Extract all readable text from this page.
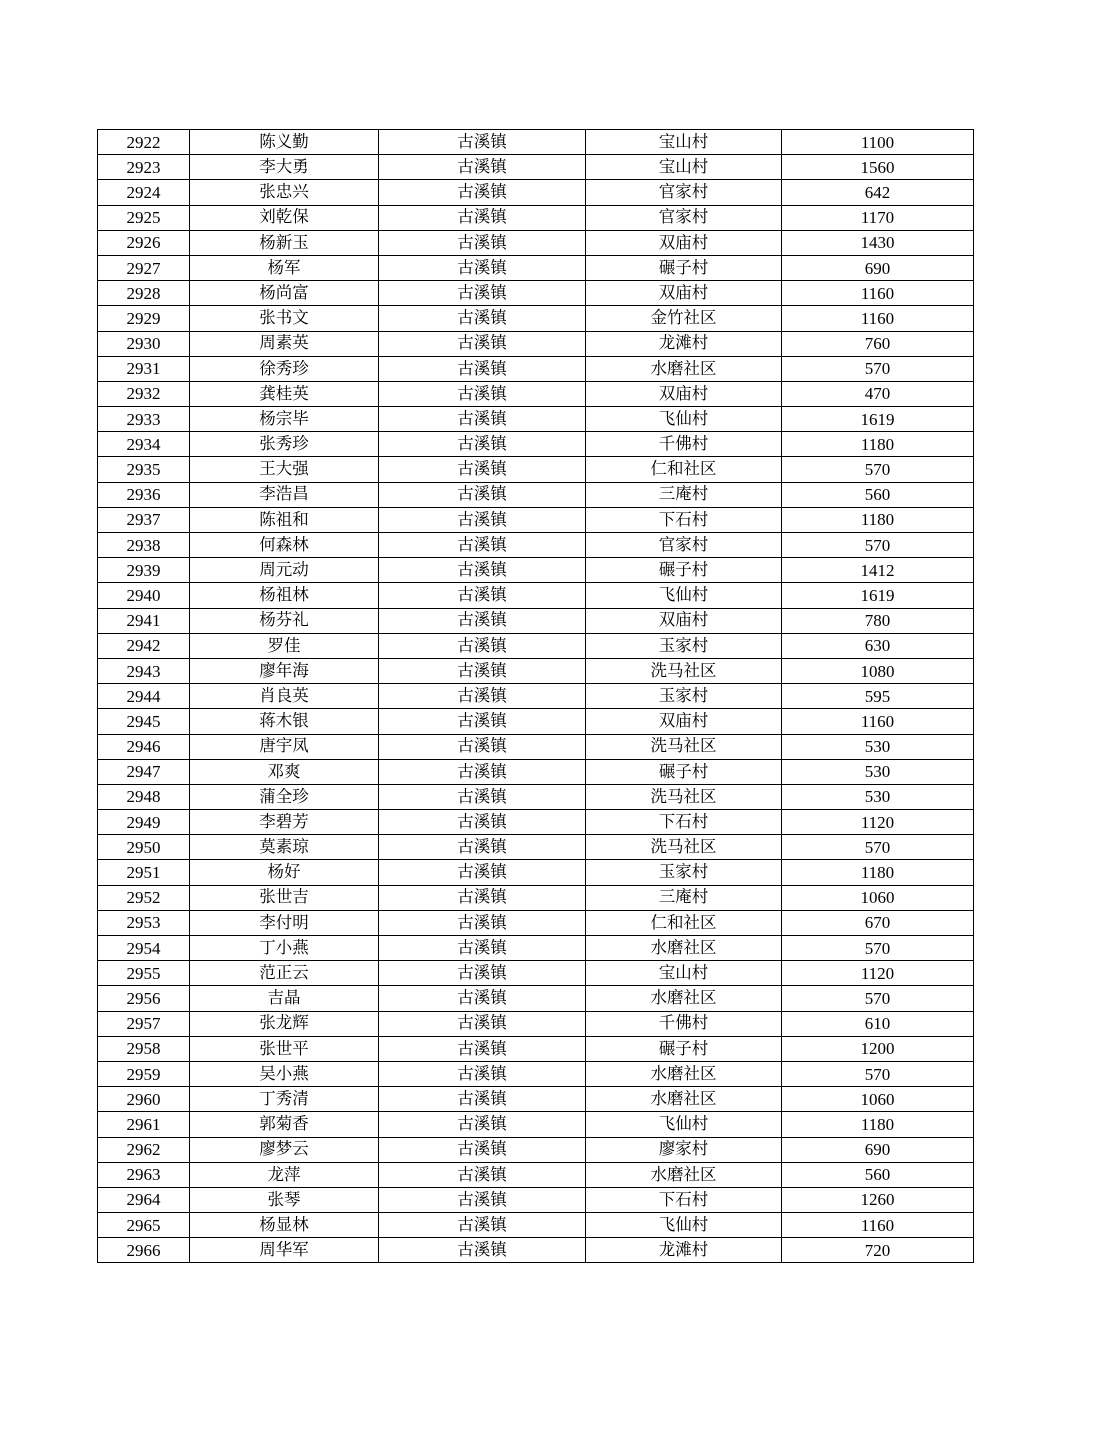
2922	陈义勤	古溪镇	宝山村	1100
2923	李大勇	古溪镇	宝山村	1560
2924	张忠兴	古溪镇	官家村	642
2925	刘乾保	古溪镇	官家村	1170
2926	杨新玉	古溪镇	双庙村	1430
2927	杨军	古溪镇	碾子村	690
2928	杨尚富	古溪镇	双庙村	1160
2929	张书文	古溪镇	金竹社区	1160
2930	周素英	古溪镇	龙滩村	760
2931	徐秀珍	古溪镇	水磨社区	570
2932	龚桂英	古溪镇	双庙村	470
2933	杨宗毕	古溪镇	飞仙村	1619
2934	张秀珍	古溪镇	千佛村	1180
2935	王大强	古溪镇	仁和社区	570
2936	李浩昌	古溪镇	三庵村	560
2937	陈祖和	古溪镇	下石村	1180
2938	何森林	古溪镇	官家村	570
2939	周元动	古溪镇	碾子村	1412
2940	杨祖林	古溪镇	飞仙村	1619
2941	杨芬礼	古溪镇	双庙村	780
2942	罗佳	古溪镇	玉家村	630
2943	廖年海	古溪镇	洗马社区	1080
2944	肖良英	古溪镇	玉家村	595
2945	蒋木银	古溪镇	双庙村	1160
2946	唐宇凤	古溪镇	洗马社区	530
2947	邓爽	古溪镇	碾子村	530
2948	蒲全珍	古溪镇	洗马社区	530
2949	李碧芳	古溪镇	下石村	1120
2950	莫素琼	古溪镇	洗马社区	570
2951	杨好	古溪镇	玉家村	1180
2952	张世吉	古溪镇	三庵村	1060
2953	李付明	古溪镇	仁和社区	670
2954	丁小燕	古溪镇	水磨社区	570
2955	范正云	古溪镇	宝山村	1120
2956	吉晶	古溪镇	水磨社区	570
2957	张龙辉	古溪镇	千佛村	610
2958	张世平	古溪镇	碾子村	1200
2959	吴小燕	古溪镇	水磨社区	570
2960	丁秀清	古溪镇	水磨社区	1060
2961	郭菊香	古溪镇	飞仙村	1180
2962	廖梦云	古溪镇	廖家村	690
2963	龙萍	古溪镇	水磨社区	560
2964	张琴	古溪镇	下石村	1260
2965	杨显林	古溪镇	飞仙村	1160
2966	周华军	古溪镇	龙滩村	720
